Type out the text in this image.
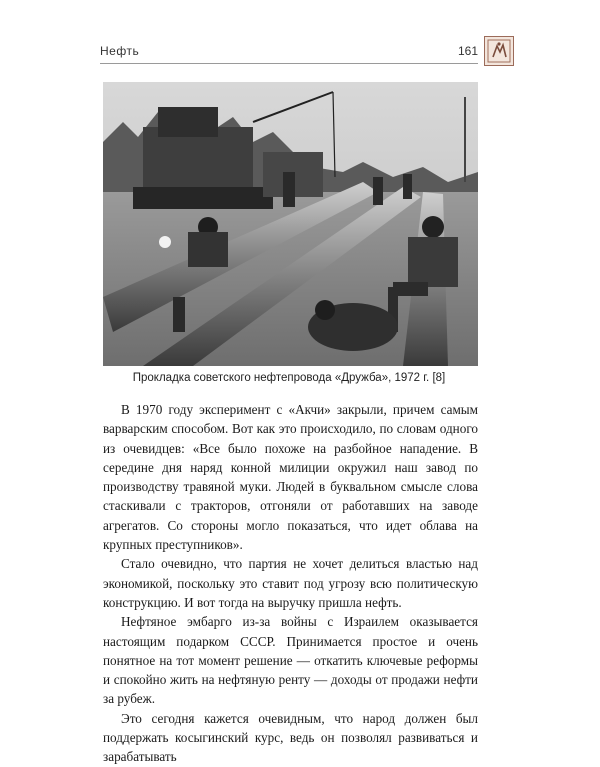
Нефть	161
Прокладка советского нефтепровода «Дружба», 1972 г. [8]

В 1970 году эксперимент с «Акчи» закрыли, причем самым варварским способом. Вот как это происходило, по словам одного из очевидцев: «Все было похоже на разбойное нападение. В середине дня наряд конной милиции окружил наш завод по производству травяной муки. Людей в буквальном смысле слова стаскивали с тракторов, отгоняли от работавших на заводе агрегатов. Со стороны могло показаться, что идет облава на крупных преступников».

Стало очевидно, что партия не хочет делиться властью над экономикой, поскольку это ставит под угрозу всю политическую конструкцию. И вот тогда на выручку пришла нефть.

Нефтяное эмбарго из-за войны с Израилем оказывается настоящим подарком СССР. Принимается простое и очень понятное на тот момент решение — откатить ключевые реформы и спокойно жить на нефтяную ренту — доходы от продажи нефти за рубеж.

Это сегодня кажется очевидным, что народ должен был поддержать косыгинский курс, ведь он позволял развиваться и зарабатывать
